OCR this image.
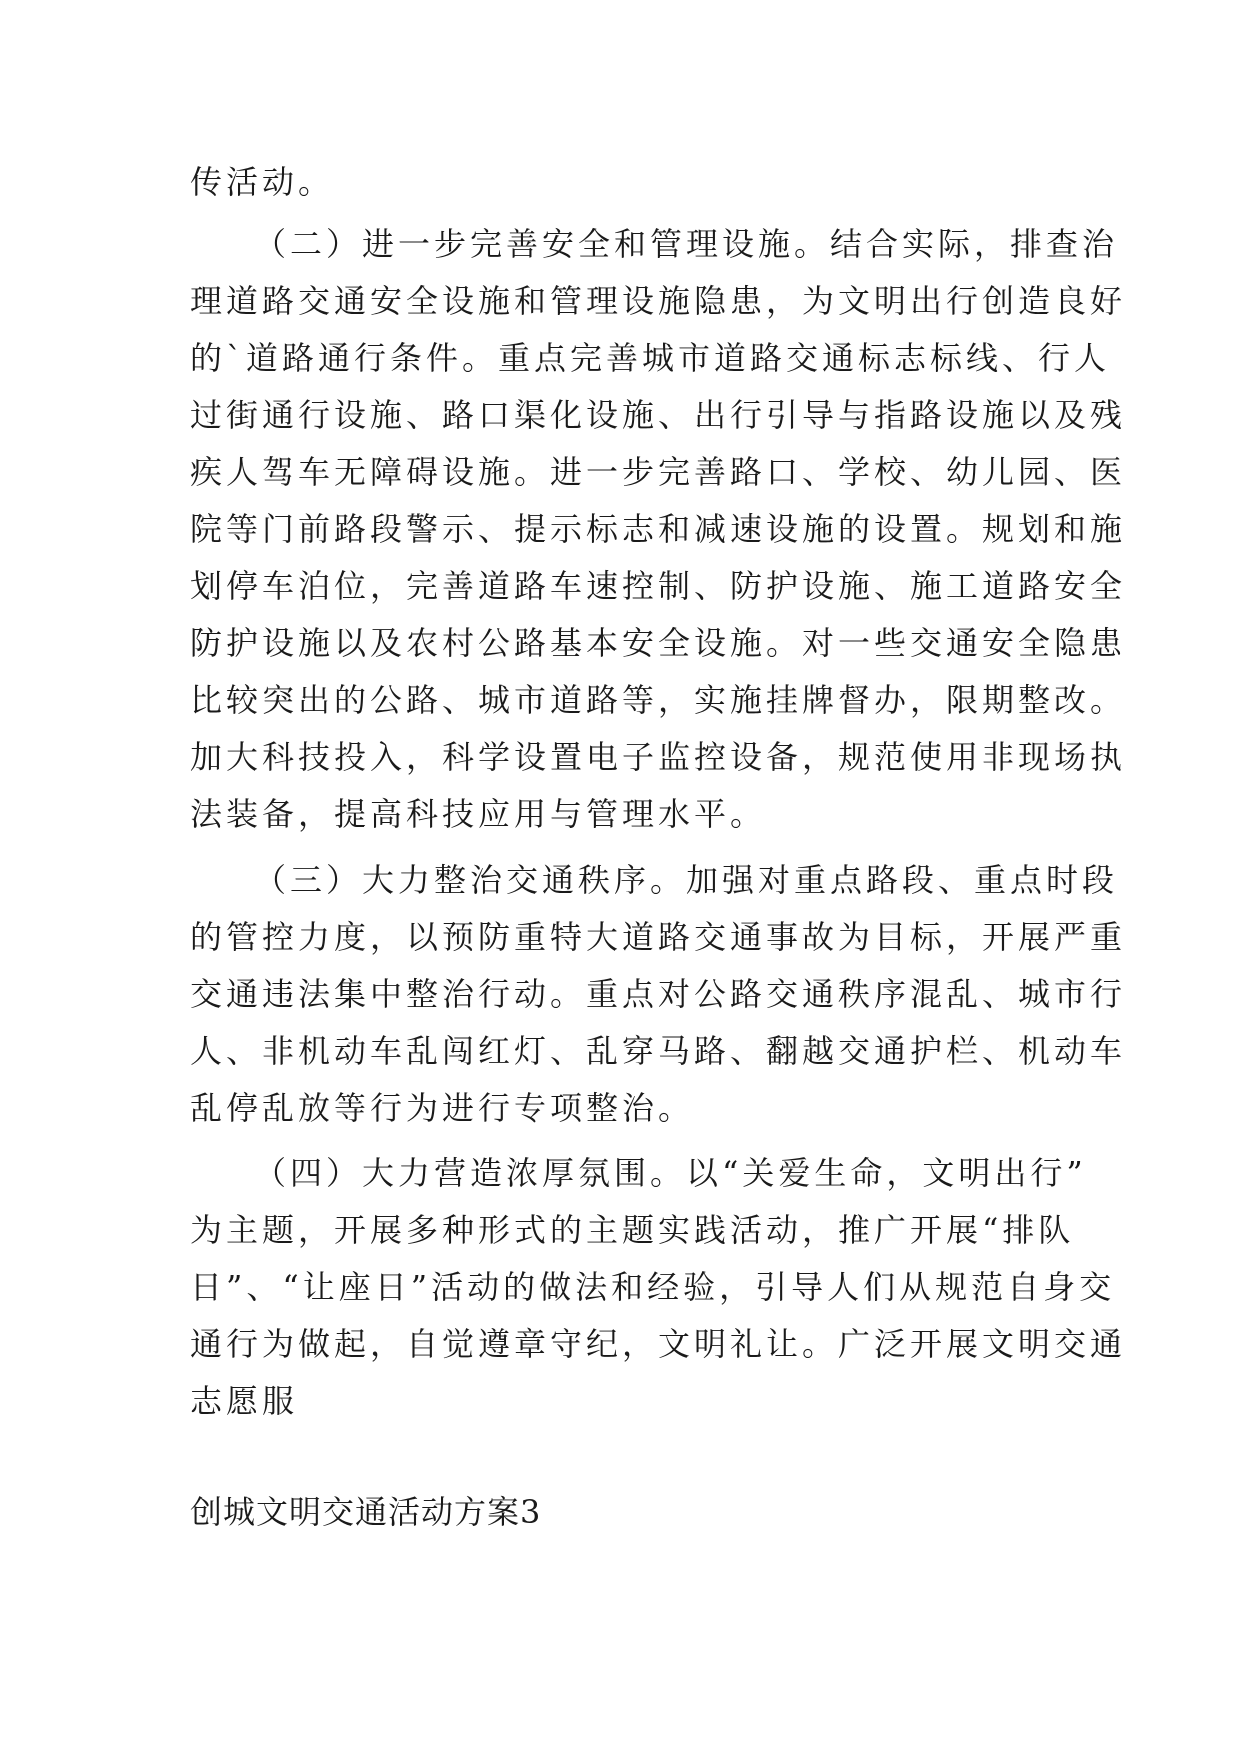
传活动。
（二）进一步完善安全和管理设施。结合实际，排查治
理道路交通安全设施和管理设施隐患，为文明出行创造良好
的`道路通行条件。重点完善城市道路交通标志标线、行人
过街通行设施、路口渠化设施、出行引导与指路设施以及残
疾人驾车无障碍设施。进一步完善路口、学校、幼儿园、医
院等门前路段警示、提示标志和减速设施的设置。规划和施
划停车泊位，完善道路车速控制、防护设施、施工道路安全
防护设施以及农村公路基本安全设施。对一些交通安全隐患
比较突出的公路、城市道路等，实施挂牌督办，限期整改。
加大科技投入，科学设置电子监控设备，规范使用非现场执
法装备，提高科技应用与管理水平。
（三）大力整治交通秩序。加强对重点路段、重点时段
的管控力度，以预防重特大道路交通事故为目标，开展严重
交通违法集中整治行动。重点对公路交通秩序混乱、城市行
人、非机动车乱闯红灯、乱穿马路、翻越交通护栏、机动车
乱停乱放等行为进行专项整治。
（四）大力营造浓厚氛围。以“关爱生命，文明出行”
为主题，开展多种形式的主题实践活动，推广开展“排队
日”、“让座日”活动的做法和经验，引导人们从规范自身交
通行为做起，自觉遵章守纪，文明礼让。广泛开展文明交通
志愿服
创城文明交通活动方案3
